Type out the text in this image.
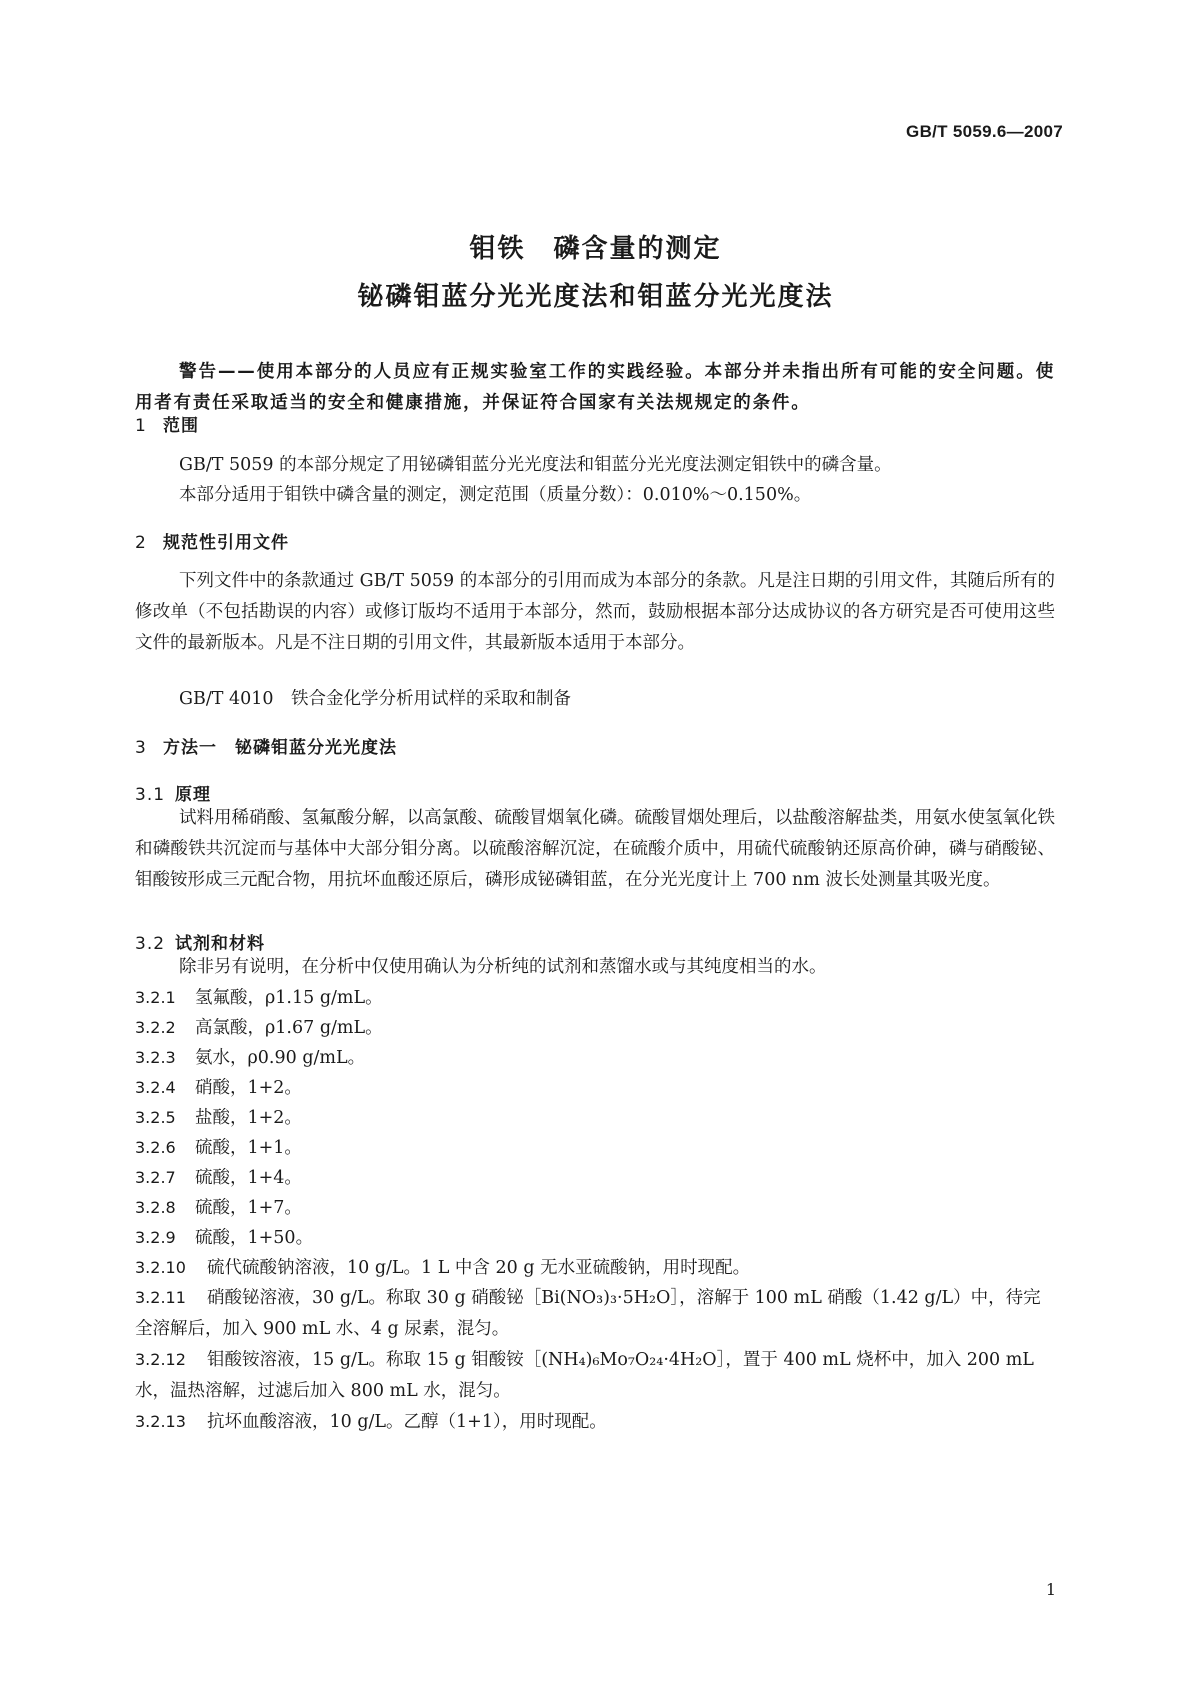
GB/T 5059.6—2007
钼铁　磷含量的测定
铋磷钼蓝分光光度法和钼蓝分光光度法
警告——使用本部分的人员应有正规实验室工作的实践经验。本部分并未指出所有可能的安全问题。使用者有责任采取适当的安全和健康措施，并保证符合国家有关法规规定的条件。
1 范围
GB/T 5059 的本部分规定了用铋磷钼蓝分光光度法和钼蓝分光光度法测定钼铁中的磷含量。
本部分适用于钼铁中磷含量的测定，测定范围（质量分数）：0.010%～0.150%。
2 规范性引用文件
下列文件中的条款通过 GB/T 5059 的本部分的引用而成为本部分的条款。凡是注日期的引用文件，其随后所有的修改单（不包括勘误的内容）或修订版均不适用于本部分，然而，鼓励根据本部分达成协议的各方研究是否可使用这些文件的最新版本。凡是不注日期的引用文件，其最新版本适用于本部分。
GB/T 4010　铁合金化学分析用试样的采取和制备
3 方法一　铋磷钼蓝分光光度法
3.1 原理
试料用稀硝酸、氢氟酸分解，以高氯酸、硫酸冒烟氧化磷。硫酸冒烟处理后，以盐酸溶解盐类，用氨水使氢氧化铁和磷酸铁共沉淀而与基体中大部分钼分离。以硫酸溶解沉淀，在硫酸介质中，用硫代硫酸钠还原高价砷，磷与硝酸铋、钼酸铵形成三元配合物，用抗坏血酸还原后，磷形成铋磷钼蓝，在分光光度计上 700 nm 波长处测量其吸光度。
3.2 试剂和材料
除非另有说明，在分析中仅使用确认为分析纯的试剂和蒸馏水或与其纯度相当的水。
3.2.1 氢氟酸，ρ1.15 g/mL。
3.2.2 高氯酸，ρ1.67 g/mL。
3.2.3 氨水，ρ0.90 g/mL。
3.2.4 硝酸，1+2。
3.2.5 盐酸，1+2。
3.2.6 硫酸，1+1。
3.2.7 硫酸，1+4。
3.2.8 硫酸，1+7。
3.2.9 硫酸，1+50。
3.2.10 硫代硫酸钠溶液，10 g/L。1 L 中含 20 g 无水亚硫酸钠，用时现配。
3.2.11 硝酸铋溶液，30 g/L。称取 30 g 硝酸铋［Bi(NO₃)₃·5H₂O］，溶解于 100 mL 硝酸（1.42 g/L）中，待完全溶解后，加入 900 mL 水、4 g 尿素，混匀。
3.2.12 钼酸铵溶液，15 g/L。称取 15 g 钼酸铵［(NH₄)₆Mo₇O₂₄·4H₂O］，置于 400 mL 烧杯中，加入 200 mL 水，温热溶解，过滤后加入 800 mL 水，混匀。
3.2.13 抗坏血酸溶液，10 g/L。乙醇（1+1），用时现配。
1
